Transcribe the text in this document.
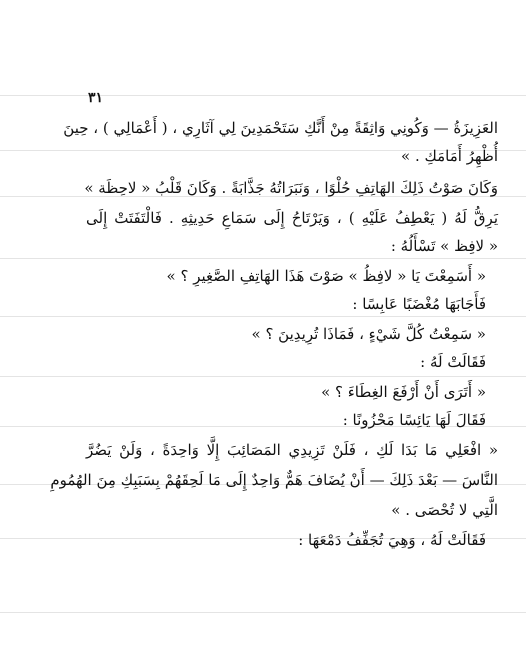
٣١
العَزِيزَةُ — وَكُونِي وَاثِقَةً مِنْ أَنَّكِ سَتَحْمَدِينَ لِي آثَارِي ، ( أَعْمَالِي ) ، حِينَ
أُظْهِرُ أَمَامَكِ . »
وَكَانَ صَوْتُ ذَلِكَ الهَاتِفِ حُلْوًا ، وَنَبَرَاتُهُ جَذَّابَةً . وَكَانَ قَلْبُ « لاحِظَة »
يَرِقُّ لَهُ ( يَعْطِفُ عَلَيْهِ ) ، وَيَرْتَاحُ إِلَى سَمَاعِ حَدِيثِهِ . فَالْتَفَتَتْ إِلَى
« لافِظ » تَسْأَلُهُ :
« أَسَمِعْتَ يَا « لافِظُ » صَوْتَ هَذَا الهَاتِفِ الصَّغِيرِ ؟ »
فَأَجَابَهَا مُغْضَبًا عَابِسًا :
« سَمِعْتُ كُلَّ شَيْءٍ ، فَمَاذَا تُرِيدِينَ ؟ »
فَقَالَتْ لَهُ :
« أَتَرَى أَنْ أَرْفَعَ الغِطَاءَ ؟ »
فَقَالَ لَهَا يَائِسًا مَحْزُونًا :
« افْعَلِي مَا بَدَا لَكِ ، فَلَنْ تَزِيدِي المَصَائِبَ إِلَّا وَاحِدَةً ، وَلَنْ يَضُرَّ
النَّاسَ — بَعْدَ ذَلِكَ — أَنْ يُضَافَ هَمٌّ وَاحِدٌ إِلَى مَا لَحِقَهُمْ بِسَبَبِكِ مِنَ الهُمُومِ
الَّتِي لا تُحْصَى . »
فَقَالَتْ لَهُ ، وَهِيَ تُجَفِّفُ دَمْعَهَا :
